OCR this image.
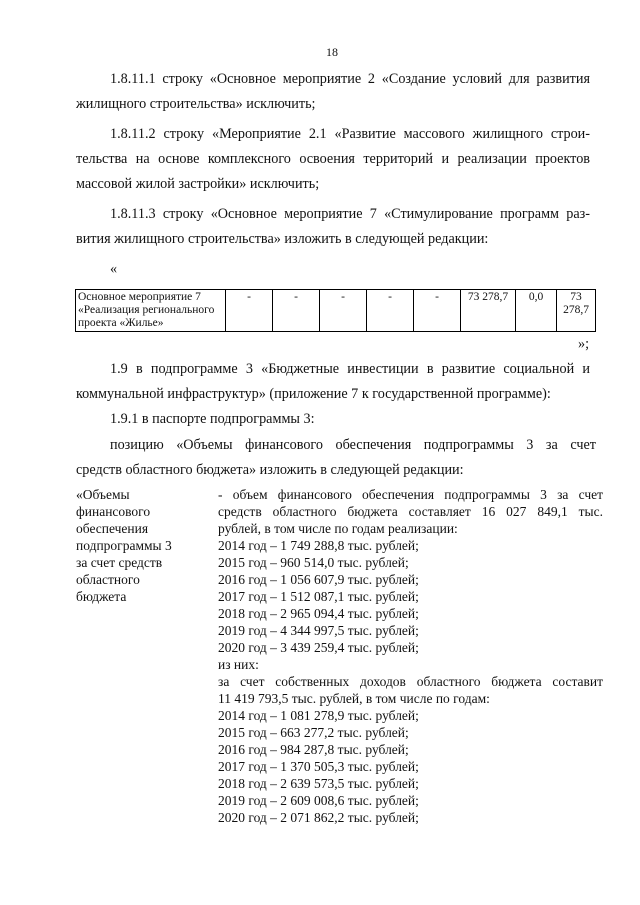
18
1.8.11.1 строку «Основное мероприятие 2 «Создание условий для развития
жилищного строительства» исключить;
1.8.11.2 строку «Мероприятие 2.1 «Развитие массового жилищного строи-
тельства на основе комплексного освоения территорий и реализации проектов
массовой жилой застройки» исключить;
1.8.11.3 строку «Основное мероприятие 7 «Стимулирование программ раз-
вития жилищного строительства» изложить в следующей редакции:
«
Основное мероприятие 7
«Реализация регионального
проекта «Жилье»
	-	-	-	-	-	73 278,7	0,0	73 278,7
»;
1.9 в подпрограмме 3 «Бюджетные инвестиции в развитие социальной и
коммунальной инфраструктур» (приложение 7 к государственной программе):
1.9.1 в паспорте подпрограммы 3:
позицию «Объемы финансового обеспечения подпрограммы 3 за счет
средств областного бюджета» изложить в следующей редакции:
«Объемы
финансового
обеспечения
подпрограммы 3
за счет средств
областного
бюджета
- объем финансового обеспечения подпрограммы 3 за счет
средств областного бюджета составляет 16 027 849,1 тыс.
рублей, в том числе по годам реализации:
2014 год – 1 749 288,8 тыс. рублей;
2015 год – 960 514,0 тыс. рублей;
2016 год – 1 056 607,9 тыс. рублей;
2017 год – 1 512 087,1 тыс. рублей;
2018 год – 2 965 094,4 тыс. рублей;
2019 год – 4 344 997,5 тыс. рублей;
2020 год – 3 439 259,4 тыс. рублей;
из них:
за счет собственных доходов областного бюджета составит
11 419 793,5 тыс. рублей, в том числе по годам:
2014 год – 1 081 278,9 тыс. рублей;
2015 год – 663 277,2 тыс. рублей;
2016 год – 984 287,8 тыс. рублей;
2017 год – 1 370 505,3 тыс. рублей;
2018 год – 2 639 573,5 тыс. рублей;
2019 год – 2 609 008,6 тыс. рублей;
2020 год – 2 071 862,2 тыс. рублей;
